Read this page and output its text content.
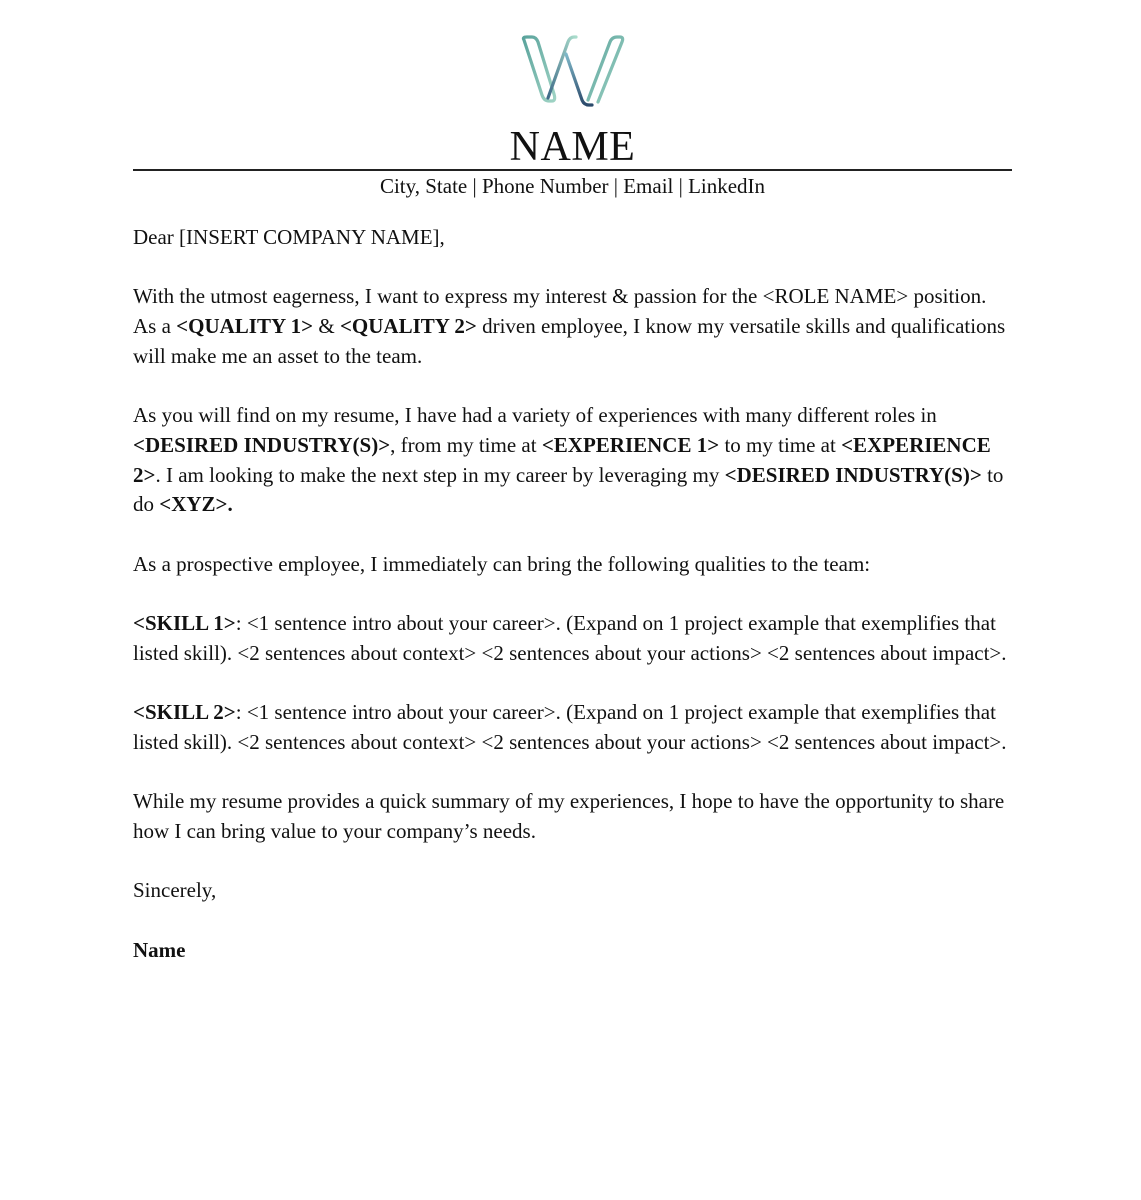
NAME
City, State | Phone Number | Email | LinkedIn

Dear [INSERT COMPANY NAME],

With the utmost eagerness, I want to express my interest & passion for the <ROLE NAME> position. As a <QUALITY 1> & <QUALITY 2> driven employee, I know my versatile skills and qualifications will make me an asset to the team.

As you will find on my resume, I have had a variety of experiences with many different roles in <DESIRED INDUSTRY(S)>, from my time at <EXPERIENCE 1> to my time at <EXPERIENCE 2>. I am looking to make the next step in my career by leveraging my <DESIRED INDUSTRY(S)> to do <XYZ>.

As a prospective employee, I immediately can bring the following qualities to the team:

<SKILL 1>: <1 sentence intro about your career>. (Expand on 1 project example that exemplifies that listed skill). <2 sentences about context> <2 sentences about your actions> <2 sentences about impact>.

<SKILL 2>: <1 sentence intro about your career>. (Expand on 1 project example that exemplifies that listed skill). <2 sentences about context> <2 sentences about your actions> <2 sentences about impact>.

While my resume provides a quick summary of my experiences, I hope to have the opportunity to share how I can bring value to your company’s needs.

Sincerely,

Name
